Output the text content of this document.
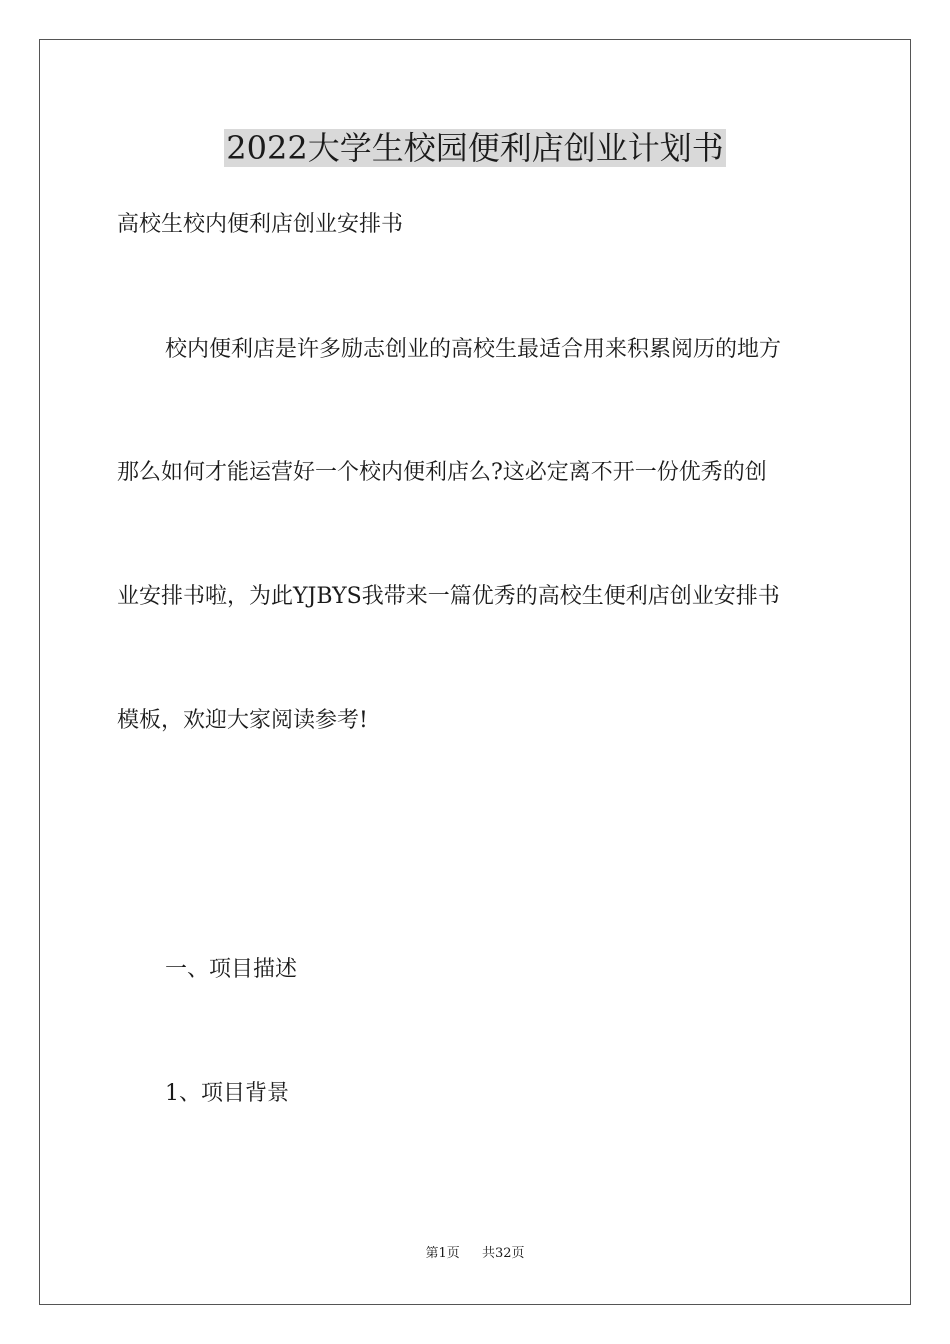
2022大学生校园便利店创业计划书

高校生校内便利店创业安排书

校内便利店是许多励志创业的高校生最适合用来积累阅历的地方

那么如何才能运营好一个校内便利店么?这必定离不开一份优秀的创

业安排书啦，为此YJBYS我带来一篇优秀的高校生便利店创业安排书

模板，欢迎大家阅读参考!

一、项目描述

1、项目背景

第1页 共32页
